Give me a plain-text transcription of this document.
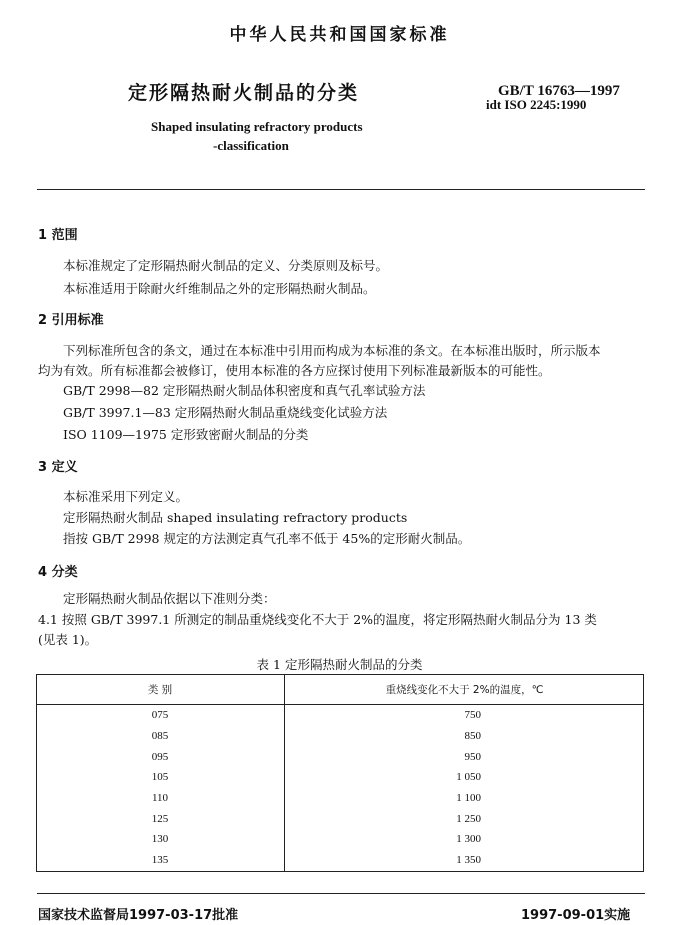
中华人民共和国国家标准
定形隔热耐火制品的分类	GB/T 16763—1997
idt ISO 2245:1990
Shaped insulating refractory products
-classification
1 范围
本标准规定了定形隔热耐火制品的定义、分类原则及标号。
本标准适用于除耐火纤维制品之外的定形隔热耐火制品。
2 引用标准
下列标准所包含的条文，通过在本标准中引用而构成为本标准的条文。在本标准出版时，所示版本
均为有效。所有标准都会被修订，使用本标准的各方应探讨使用下列标准最新版本的可能性。
GB/T 2998—82 定形隔热耐火制品体积密度和真气孔率试验方法
GB/T 3997.1—83 定形隔热耐火制品重烧线变化试验方法
ISO 1109—1975 定形致密耐火制品的分类
3 定义
本标准采用下列定义。
定形隔热耐火制品 shaped insulating refractory products
指按 GB/T 2998 规定的方法测定真气孔率不低于 45%的定形耐火制品。
4 分类
定形隔热耐火制品依据以下准则分类：
4.1 按照 GB/T 3997.1 所测定的制品重烧线变化不大于 2%的温度，将定形隔热耐火制品分为 13 类
(见表 1)。
表 1 定形隔热耐火制品的分类
类 别	重烧线变化不大于 2%的温度，℃
075	750
085	850
095	950
105	1 050
110	1 100
125	1 250
130	1 300
135	1 350
国家技术监督局1997-03-17批准	1997-09-01实施
